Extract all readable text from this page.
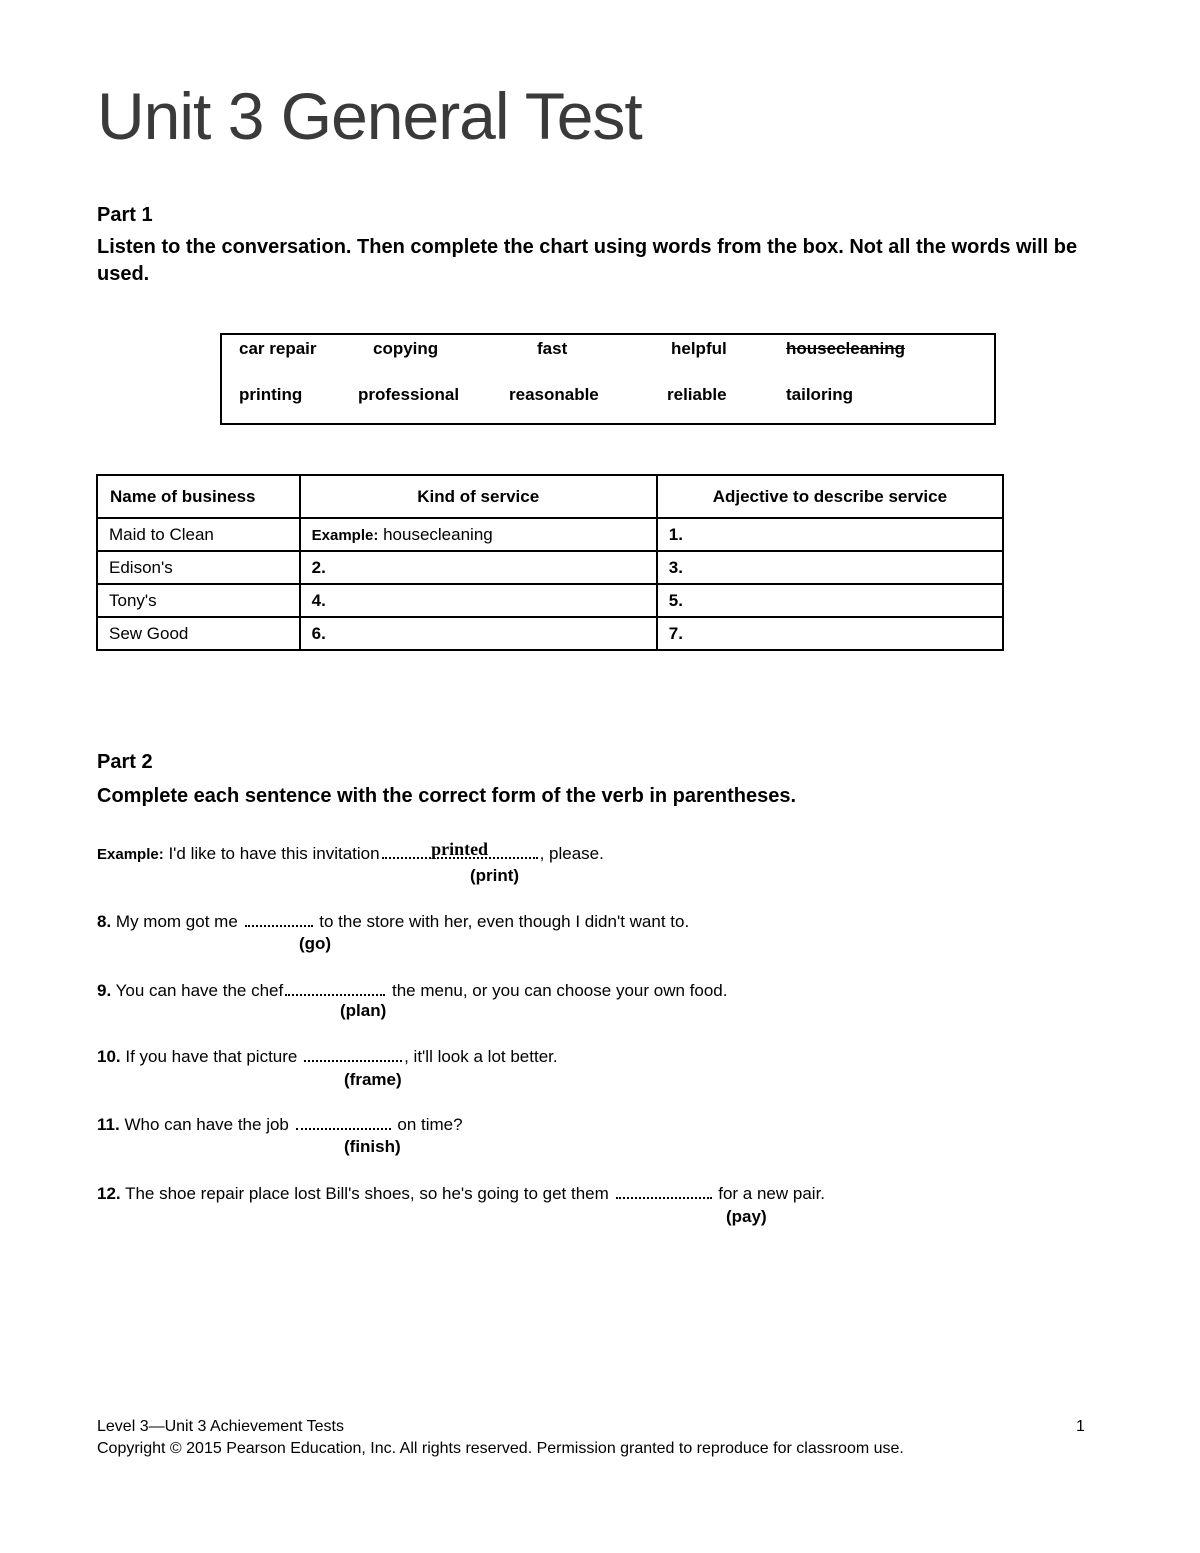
Unit 3 General Test
Part 1

Listen to the conversation. Then complete the chart using words from the box. Not all the words will be used.

car repair	copying	fast	helpful	housecleaning
printing	professional	reasonable	reliable	tailoring
Name of business	Kind of service	Adjective to describe service
Maid to Clean	Example: housecleaning	1.
Edison's	2.	3.
Tony's	4.	5.
Sew Good	6.	7.
Part 2

Complete each sentence with the correct form of the verb in parentheses.

Example: I'd like to have this invitation	printed	, please.
(print)
8. My mom got me	to the store with her, even though I didn't want to.
(go)
9. You can have the chef	the menu, or you can choose your own food.
(plan)
10. If you have that picture	, it'll look a lot better.
(frame)
11. Who can have the job	on time?
(finish)
12. The shoe repair place lost Bill's shoes, so he's going to get them	for a new pair.
(pay)
Level 3—Unit 3 Achievement Tests	1
Copyright © 2015 Pearson Education, Inc. All rights reserved. Permission granted to reproduce for classroom use.
